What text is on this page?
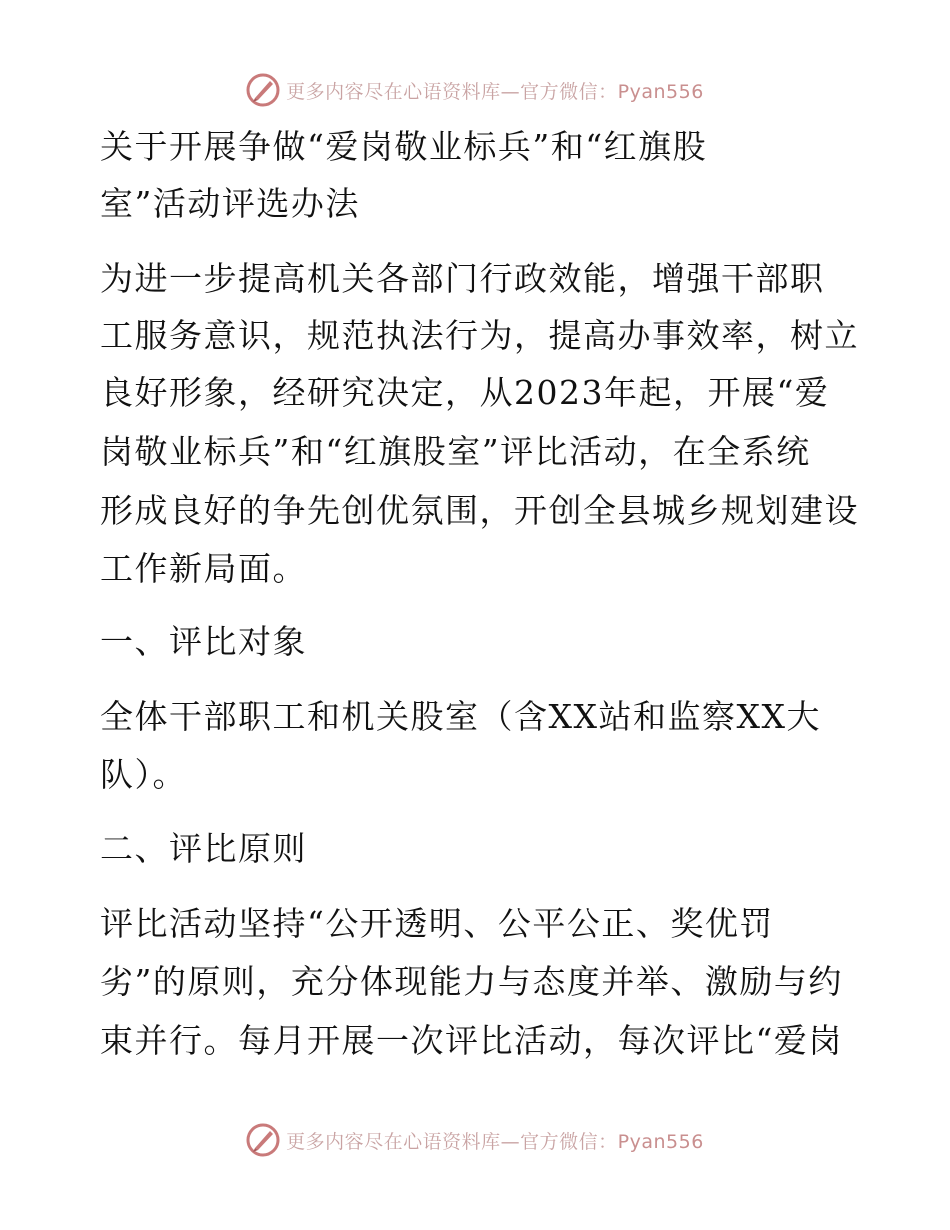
更多内容尽在心语资料库—官方微信：Pyan556
关于开展争做“爱岗敬业标兵”和“红旗股
室”活动评选办法
为进一步提高机关各部门行政效能，增强干部职
工服务意识，规范执法行为，提高办事效率，树立
良好形象，经研究决定，从2023年起，开展“爱
岗敬业标兵”和“红旗股室”评比活动，在全系统
形成良好的争先创优氛围，开创全县城乡规划建设
工作新局面。
一、评比对象
全体干部职工和机关股室（含XX站和监察XX大
队）。
二、评比原则
评比活动坚持“公开透明、公平公正、奖优罚
劣”的原则，充分体现能力与态度并举、激励与约
束并行。每月开展一次评比活动，每次评比“爱岗
更多内容尽在心语资料库—官方微信：Pyan556
